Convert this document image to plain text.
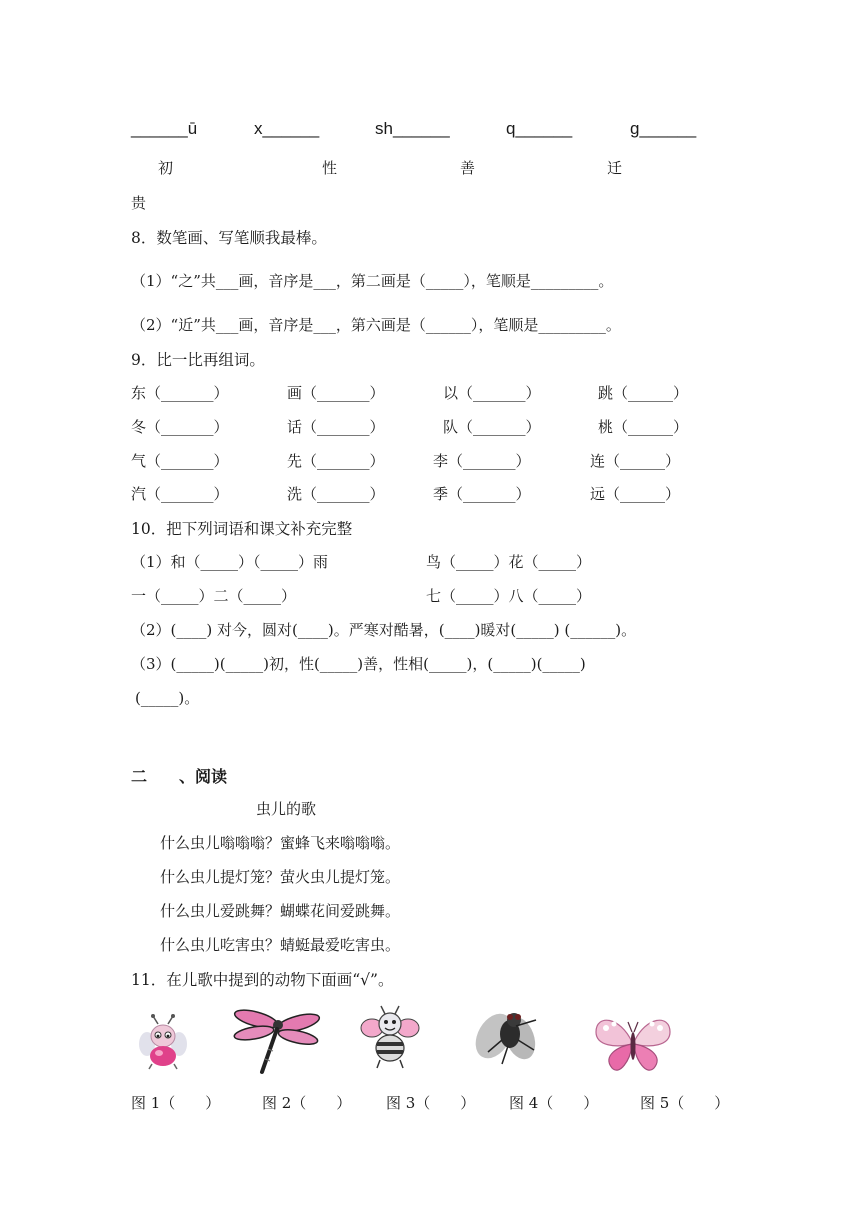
______ū	x______	sh______	q______	g______
初	性	善	迁
贵
8．数笔画、写笔顺我最棒。
（1）“之”共___画，音序是___，第二画是（_____），笔顺是_________。
（2）“近”共___画，音序是___，第六画是（______），笔顺是_________。
9．比一比再组词。
东（_______）	画（_______）	以（_______）	跳（______）
冬（_______）	话（_______）	队（_______）	桃（______）
气（_______）	先（_______）	李（_______）	连（______）
汽（_______）	洗（_______）	季（_______）	远（______）
10．把下列词语和课文补充完整
（1）和（_____）（_____）雨	鸟（_____）花（_____）
一（_____）二（_____）	七（_____）八（_____）
（2）(____) 对今，圆对(____)。严寒对酷暑，(____)暖对(_____) (______)。
（3）(_____)(_____)初，性(_____)善，性相(_____)，(_____)(_____)
(_____)。
二　　、阅读
虫儿的歌
什么虫儿嗡嗡嗡？蜜蜂飞来嗡嗡嗡。
什么虫儿提灯笼？萤火虫儿提灯笼。
什么虫儿爱跳舞？蝴蝶花间爱跳舞。
什么虫儿吃害虫？蜻蜓最爱吃害虫。
11．在儿歌中提到的动物下面画“√”。
图 1（　　）	图 2（　　） 图 3（　　） 图 4（　　）	图 5（　　）
